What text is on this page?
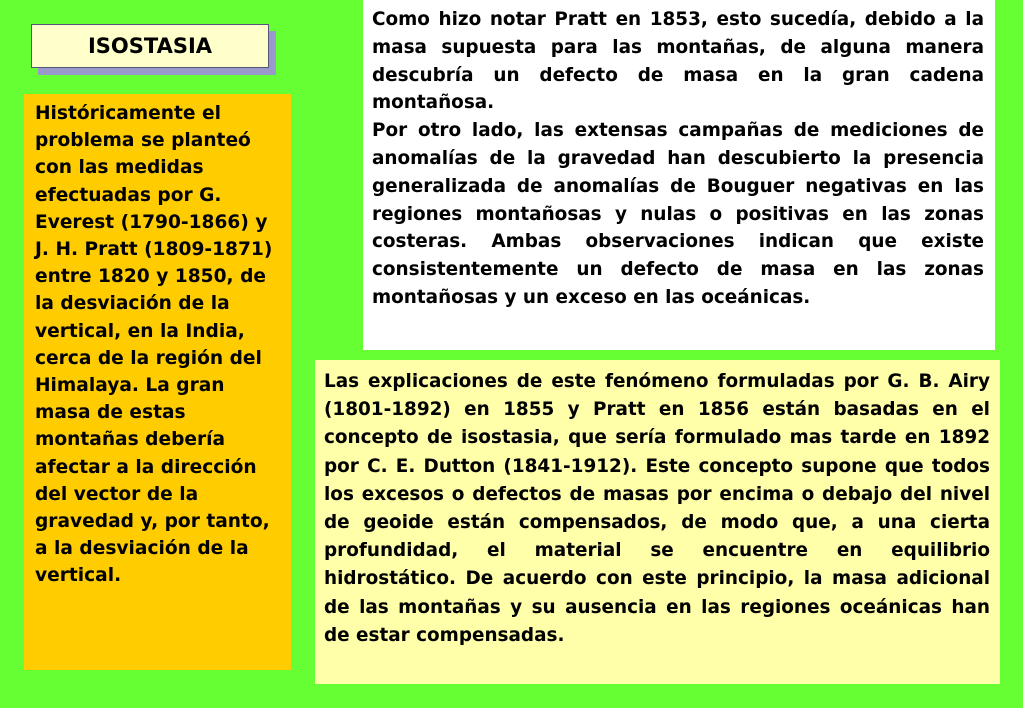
ISOSTASIA

Históricamente el problema se planteó con las medidas efectuadas por G. Everest (1790-1866) y J. H. Pratt (1809-1871) entre 1820 y 1850, de la desviación de la vertical, en la India, cerca de la región del Himalaya. La gran masa de estas montañas debería afectar a la dirección del vector de la gravedad y, por tanto, a la desviación de la vertical.

Como hizo notar Pratt en 1853, esto sucedía, debido a la masa supuesta para las montañas, de alguna manera descubría un defecto de masa en la gran cadena montañosa.

Por otro lado, las extensas campañas de mediciones de anomalías de la gravedad han descubierto la presencia generalizada de anomalías de Bouguer negativas en las regiones montañosas y nulas o positivas en las zonas costeras. Ambas observaciones indican que existe consistentemente un defecto de masa en las zonas montañosas y un exceso en las oceánicas.

Las explicaciones de este fenómeno formuladas por G. B. Airy (1801-1892) en 1855 y Pratt en 1856 están basadas en el concepto de isostasia, que sería formulado mas tarde en 1892 por C. E. Dutton (1841-1912). Este concepto supone que todos los excesos o defectos de masas por encima o debajo del nivel de geoide están compensados, de modo que, a una cierta profundidad, el material se encuentre en equilibrio hidrostático. De acuerdo con este principio, la masa adicional de las montañas y su ausencia en las regiones oceánicas han de estar compensadas.
